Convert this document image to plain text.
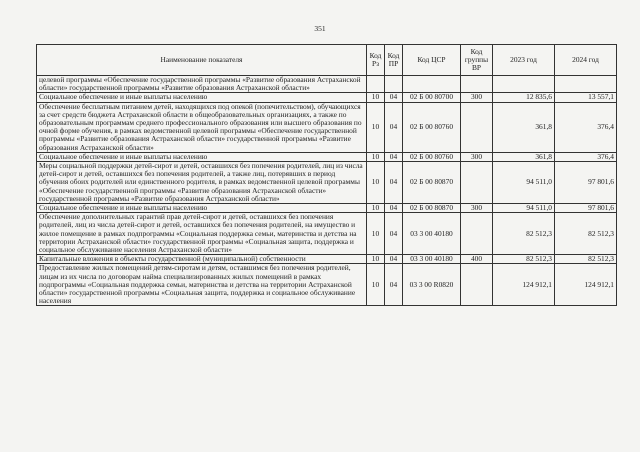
351
Наименование показателя	Код Рз	Код ПР	Код ЦСР	Код группы ВР	2023 год	2024 год
целевой программы «Обеспечение государственной программы «Развитие образования Астраханской области» государственной программы «Развитие образования Астраханской области»						
Социальное обеспечение и иные выплаты населению	10	04	02 Б 00 80700	300	12 835,6	13 557,1
Обеспечение бесплатным питанием детей, находящихся под опекой (попечительством), обучающихся за счет средств бюджета Астраханской области в общеобразовательных организациях, а также по образовательным программам среднего профессионального образования или высшего образования по очной форме обучения, в рамках ведомственной целевой программы «Обеспечение государственной программы «Развитие образования Астраханской области» государственной программы «Развитие образования Астраханской области»	10	04	02 Б 00 80760		361,8	376,4
Социальное обеспечение и иные выплаты населению	10	04	02 Б 00 80760	300	361,8	376,4
Меры социальной поддержки детей-сирот и детей, оставшихся без попечения родителей, лиц из числа детей-сирот и детей, оставшихся без попечения родителей, а также лиц, потерявших в период обучения обоих родителей или единственного родителя, в рамках ведомственной целевой программы «Обеспечение государственной программы «Развитие образования Астраханской области» государственной программы «Развитие образования Астраханской области»	10	04	02 Б 00 80870		94 511,0	97 801,6
Социальное обеспечение и иные выплаты населению	10	04	02 Б 00 80870	300	94 511,0	97 801,6
Обеспечение дополнительных гарантий прав детей-сирот и детей, оставшихся без попечения родителей, лиц из числа детей-сирот и детей, оставшихся без попечения родителей, на имущество и жилое помещение в рамках подпрограммы «Социальная поддержка семьи, материнства и детства на территории Астраханской области» государственной программы «Социальная защита, поддержка и социальное обслуживание населения Астраханской области»	10	04	03 3 00 40180		82 512,3	82 512,3
Капитальные вложения в объекты государственной (муниципальной) собственности	10	04	03 3 00 40180	400	82 512,3	82 512,3
Предоставление жилых помещений детям-сиротам и детям, оставшимся без попечения родителей, лицам из их числа по договорам найма специализированных жилых помещений в рамках подпрограммы «Социальная поддержка семьи, материнства и детства на территории Астраханской области» государственной программы «Социальная защита, поддержка и социальное обслуживание населения	10	04	03 3 00 R0820		124 912,1	124 912,1
